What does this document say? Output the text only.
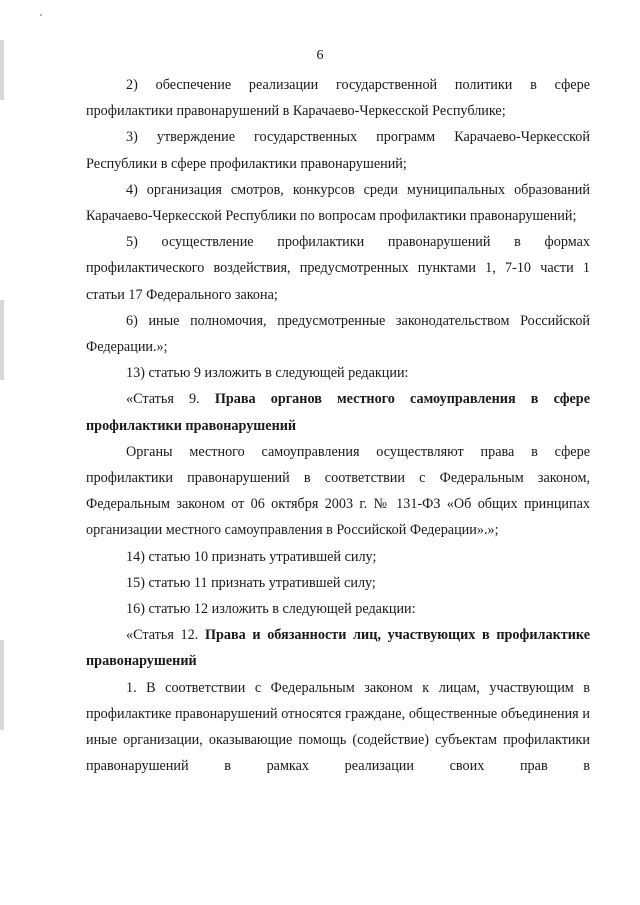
6

2) обеспечение реализации государственной политики в сфере профилактики правонарушений в Карачаево-Черкесской Республике;

3) утверждение государственных программ Карачаево-Черкесской Республики в сфере профилактики правонарушений;

4) организация смотров, конкурсов среди муниципальных образований Карачаево-Черкесской Республики по вопросам профилактики правонарушений;

5) осуществление профилактики правонарушений в формах профилактического воздействия, предусмотренных пунктами 1, 7-10 части 1 статьи 17 Федерального закона;

6) иные полномочия, предусмотренные законодательством Российской Федерации.»;

13) статью 9 изложить в следующей редакции:

«Статья 9. Права органов местного самоуправления в сфере профилактики правонарушений

Органы местного самоуправления осуществляют права в сфере профилактики правонарушений в соответствии с Федеральным законом, Федеральным законом от 06 октября 2003 г. № 131-ФЗ «Об общих принципах организации местного самоуправления в Российской Федерации».»;

14) статью 10 признать утратившей силу;

15) статью 11 признать утратившей силу;

16) статью 12 изложить в следующей редакции:

«Статья 12. Права и обязанности лиц, участвующих в профилактике правонарушений

1. В соответствии с Федеральным законом к лицам, участвующим в профилактике правонарушений относятся граждане, общественные объединения и иные организации, оказывающие помощь (содействие) субъектам профилактики правонарушений в рамках реализации своих прав в
